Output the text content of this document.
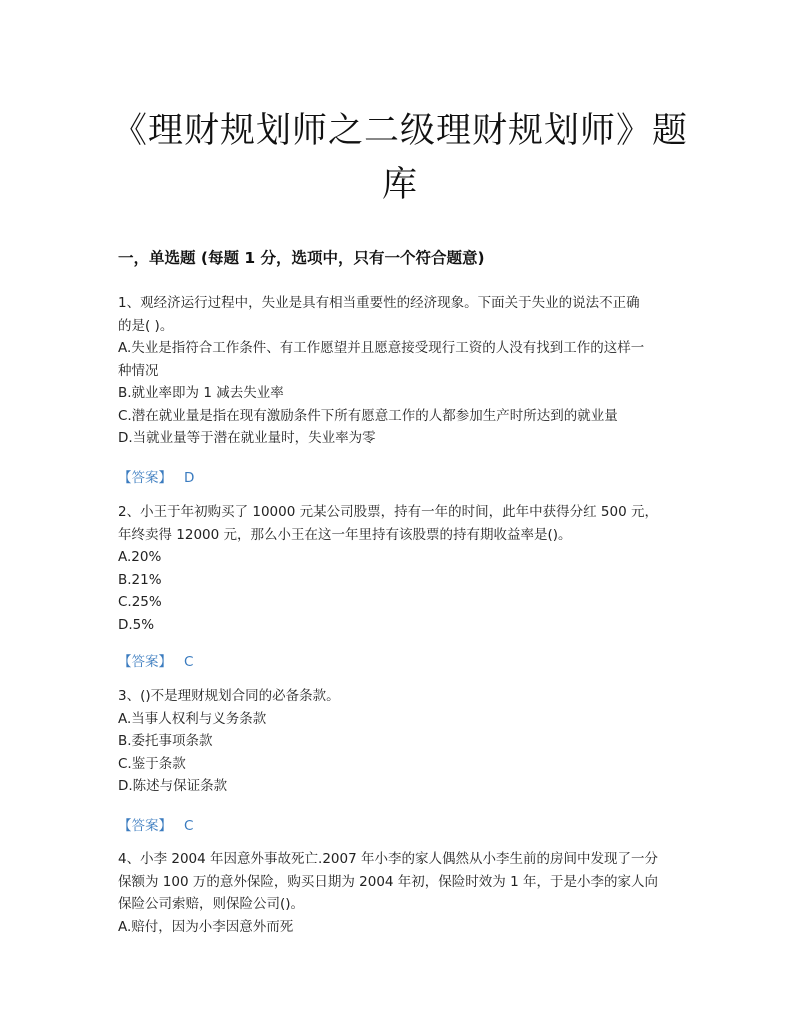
《理财规划师之二级理财规划师》题
库
一，单选题 (每题 1 分，选项中，只有一个符合题意)
1、观经济运行过程中，失业是具有相当重要性的经济现象。下面关于失业的说法不正确
的是( )。
A.失业是指符合工作条件、有工作愿望并且愿意接受现行工资的人没有找到工作的这样一
种情况
B.就业率即为 1 减去失业率
C.潜在就业量是指在现有激励条件下所有愿意工作的人都参加生产时所达到的就业量
D.当就业量等于潜在就业量时，失业率为零
【答案】 D
2、小王于年初购买了 10000 元某公司股票，持有一年的时间，此年中获得分红 500 元，
年终卖得 12000 元，那么小王在这一年里持有该股票的持有期收益率是()。
A.20%
B.21%
C.25%
D.5%
【答案】 C
3、()不是理财规划合同的必备条款。
A.当事人权利与义务条款
B.委托事项条款
C.鉴于条款
D.陈述与保证条款
【答案】 C
4、小李 2004 年因意外事故死亡.2007 年小李的家人偶然从小李生前的房间中发现了一分
保额为 100 万的意外保险，购买日期为 2004 年初，保险时效为 1 年，于是小李的家人向
保险公司索赔，则保险公司()。
A.赔付，因为小李因意外而死
